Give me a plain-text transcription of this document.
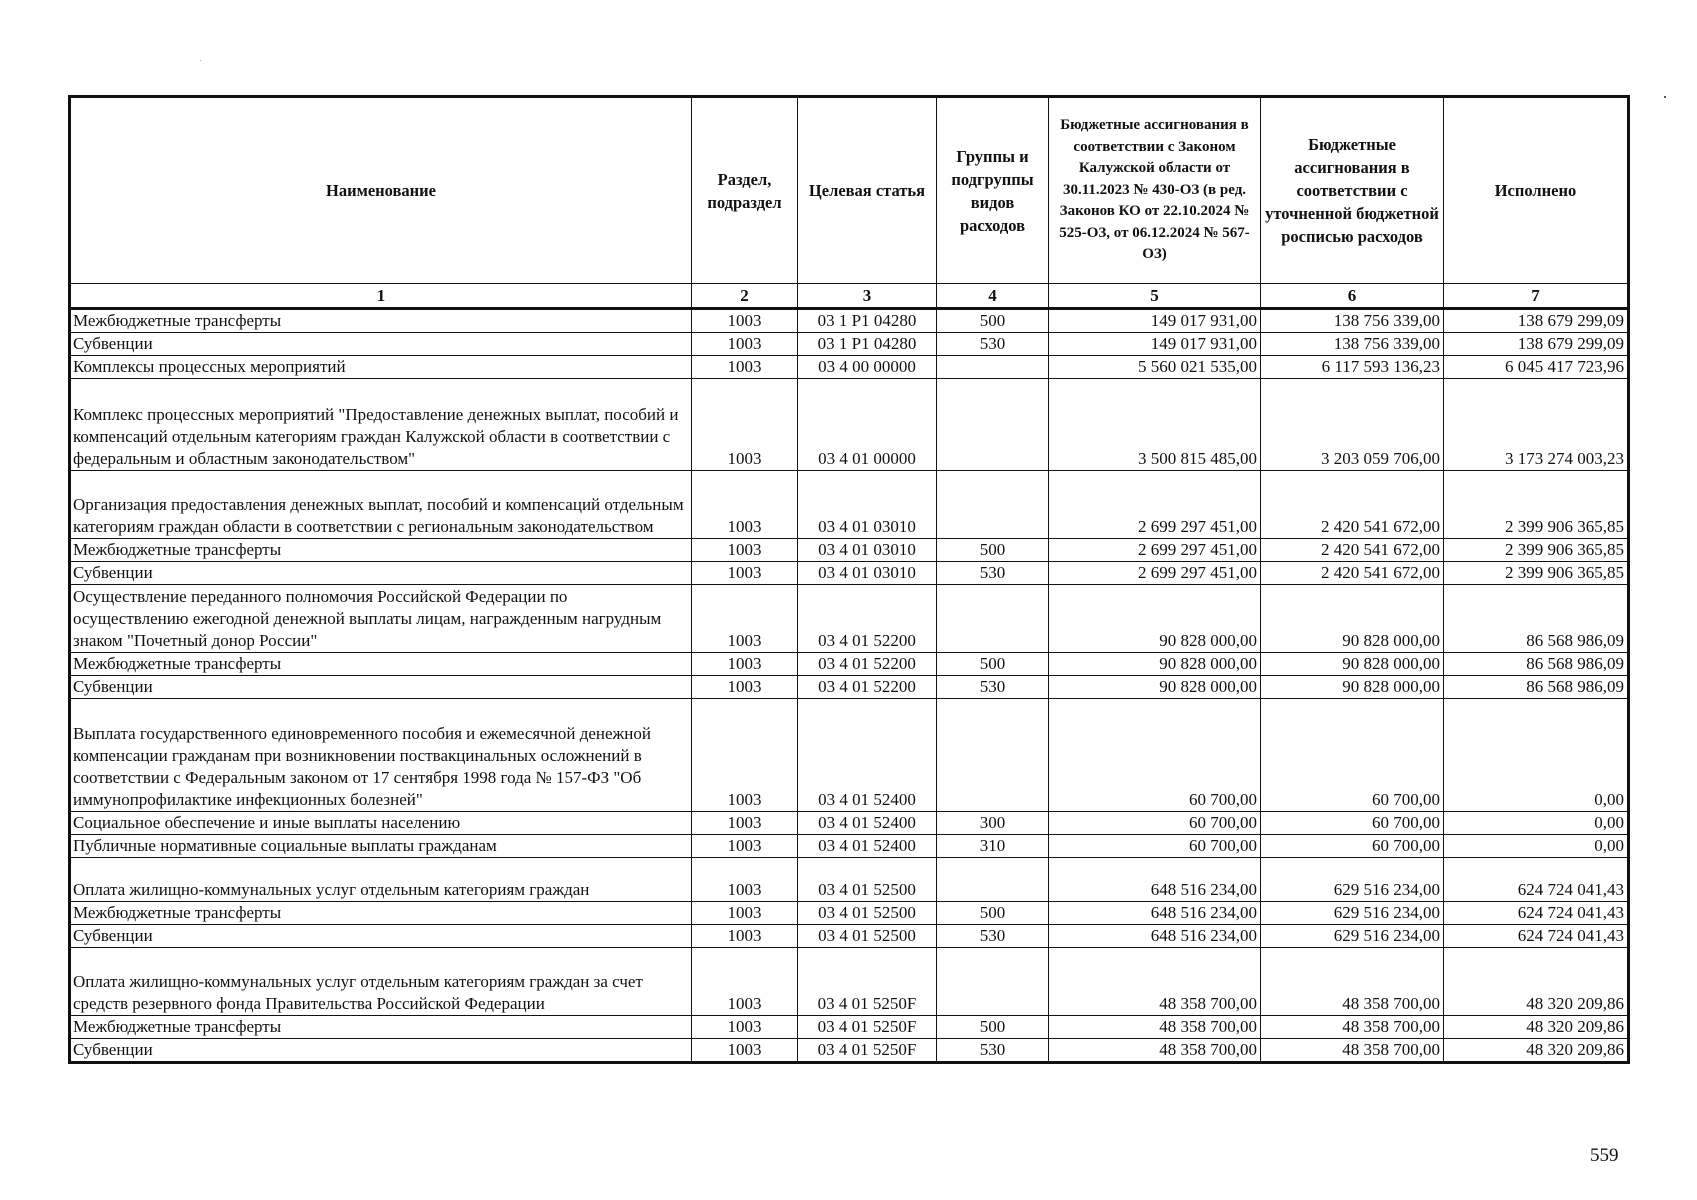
Наименование	Раздел, подраздел	Целевая статья	Группы и подгруппы видов расходов	Бюджетные ассигнования в соответствии с Законом Калужской области от 30.11.2023 № 430-ОЗ (в ред. Законов КО от 22.10.2024 № 525-ОЗ, от 06.12.2024 № 567-ОЗ)	Бюджетные ассигнования в соответствии с уточненной бюджетной росписью расходов	Исполнено
1	2	3	4	5	6	7
Межбюджетные трансферты	1003	03 1 Р1 04280	500	149 017 931,00	138 756 339,00	138 679 299,09
Субвенции	1003	03 1 Р1 04280	530	149 017 931,00	138 756 339,00	138 679 299,09
Комплексы процессных мероприятий	1003	03 4 00 00000		5 560 021 535,00	6 117 593 136,23	6 045 417 723,96
Комплекс процессных мероприятий "Предоставление денежных выплат, пособий и компенсаций отдельным категориям граждан Калужской области в соответствии с федеральным и областным законодательством"	1003	03 4 01 00000		3 500 815 485,00	3 203 059 706,00	3 173 274 003,23
Организация предоставления денежных выплат, пособий и компенсаций отдельным категориям граждан области в соответствии с региональным законодательством	1003	03 4 01 03010		2 699 297 451,00	2 420 541 672,00	2 399 906 365,85
Межбюджетные трансферты	1003	03 4 01 03010	500	2 699 297 451,00	2 420 541 672,00	2 399 906 365,85
Субвенции	1003	03 4 01 03010	530	2 699 297 451,00	2 420 541 672,00	2 399 906 365,85
Осуществление переданного полномочия Российской Федерации по осуществлению ежегодной денежной выплаты лицам, награжденным нагрудным знаком "Почетный донор России"	1003	03 4 01 52200		90 828 000,00	90 828 000,00	86 568 986,09
Межбюджетные трансферты	1003	03 4 01 52200	500	90 828 000,00	90 828 000,00	86 568 986,09
Субвенции	1003	03 4 01 52200	530	90 828 000,00	90 828 000,00	86 568 986,09
Выплата государственного единовременного пособия и ежемесячной денежной компенсации гражданам при возникновении поствакцинальных осложнений в соответствии с Федеральным законом от 17 сентября 1998 года № 157-ФЗ "Об иммунопрофилактике инфекционных болезней"	1003	03 4 01 52400		60 700,00	60 700,00	0,00
Социальное обеспечение и иные выплаты населению	1003	03 4 01 52400	300	60 700,00	60 700,00	0,00
Публичные нормативные социальные выплаты гражданам	1003	03 4 01 52400	310	60 700,00	60 700,00	0,00
Оплата жилищно-коммунальных услуг отдельным категориям граждан	1003	03 4 01 52500		648 516 234,00	629 516 234,00	624 724 041,43
Межбюджетные трансферты	1003	03 4 01 52500	500	648 516 234,00	629 516 234,00	624 724 041,43
Субвенции	1003	03 4 01 52500	530	648 516 234,00	629 516 234,00	624 724 041,43
Оплата жилищно-коммунальных услуг отдельным категориям граждан за счет средств резервного фонда Правительства Российской Федерации	1003	03 4 01 5250F		48 358 700,00	48 358 700,00	48 320 209,86
Межбюджетные трансферты	1003	03 4 01 5250F	500	48 358 700,00	48 358 700,00	48 320 209,86
Субвенции	1003	03 4 01 5250F	530	48 358 700,00	48 358 700,00	48 320 209,86
559
